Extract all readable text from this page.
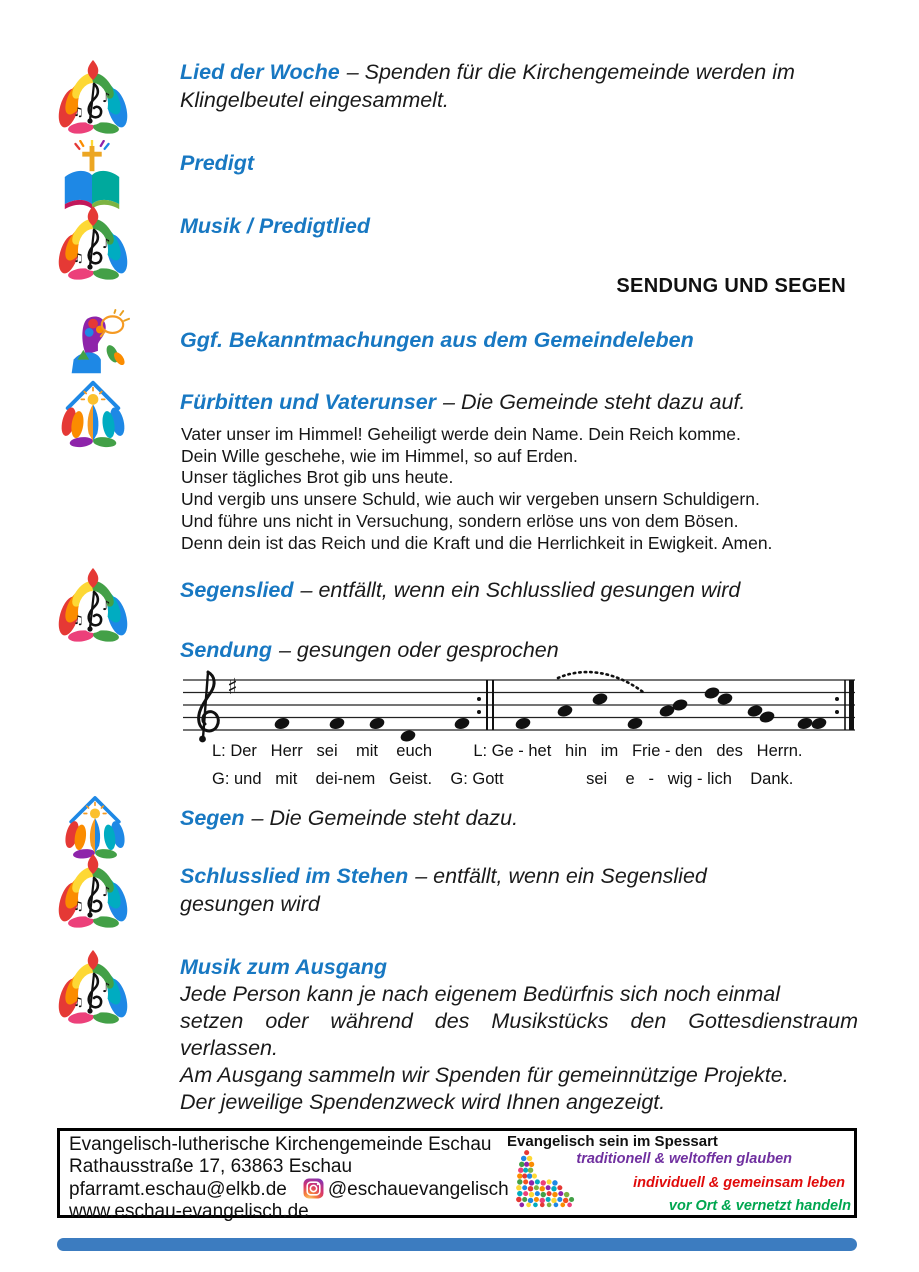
Lied der Woche – Spenden für die Kirchengemeinde werden im Klingelbeutel eingesammelt.
Predigt
Musik / Predigtlied
SENDUNG UND SEGEN
Ggf. Bekanntmachungen aus dem Gemeindeleben
Fürbitten und Vaterunser – Die Gemeinde steht dazu auf.
Vater unser im Himmel! Geheiligt werde dein Name. Dein Reich komme.
Dein Wille geschehe, wie im Himmel, so auf Erden.
Unser tägliches Brot gib uns heute.
Und vergib uns unsere Schuld, wie auch wir vergeben unsern Schuldigern.
Und führe uns nicht in Versuchung, sondern erlöse uns von dem Bösen.
Denn dein ist das Reich und die Kraft und die Herrlichkeit in Ewigkeit. Amen.
Segenslied – entfällt, wenn ein Schlusslied gesungen wird
Sendung – gesungen oder gesprochen
♯
L: Der   Herr   sei    mit    euch         L: Ge - het   hin   im   Frie - den   des   Herrn.
G: und   mit    dei-nem   Geist.    G: Gott                  sei    e   -   wig - lich    Dank.
Segen – Die Gemeinde steht dazu.
Schlusslied im Stehen – entfällt, wenn ein Segenslied gesungen wird
Musik zum Ausgang
Jede Person kann je nach eigenem Bedürfnis sich noch einmal
setzen oder während des Musikstücks den Gottesdienstraum
verlassen.
Am Ausgang sammeln wir Spenden für gemeinnützige Projekte.
Der jeweilige Spendenzweck wird Ihnen angezeigt.
Evangelisch-lutherische Kirchengemeinde Eschau
Rathausstraße 17, 63863 Eschau
pfarramt.eschau@elkb.de @eschauevangelisch
www.eschau-evangelisch.de
Evangelisch sein im Spessart
traditionell & weltoffen glauben
individuell & gemeinsam leben
vor Ort & vernetzt handeln
